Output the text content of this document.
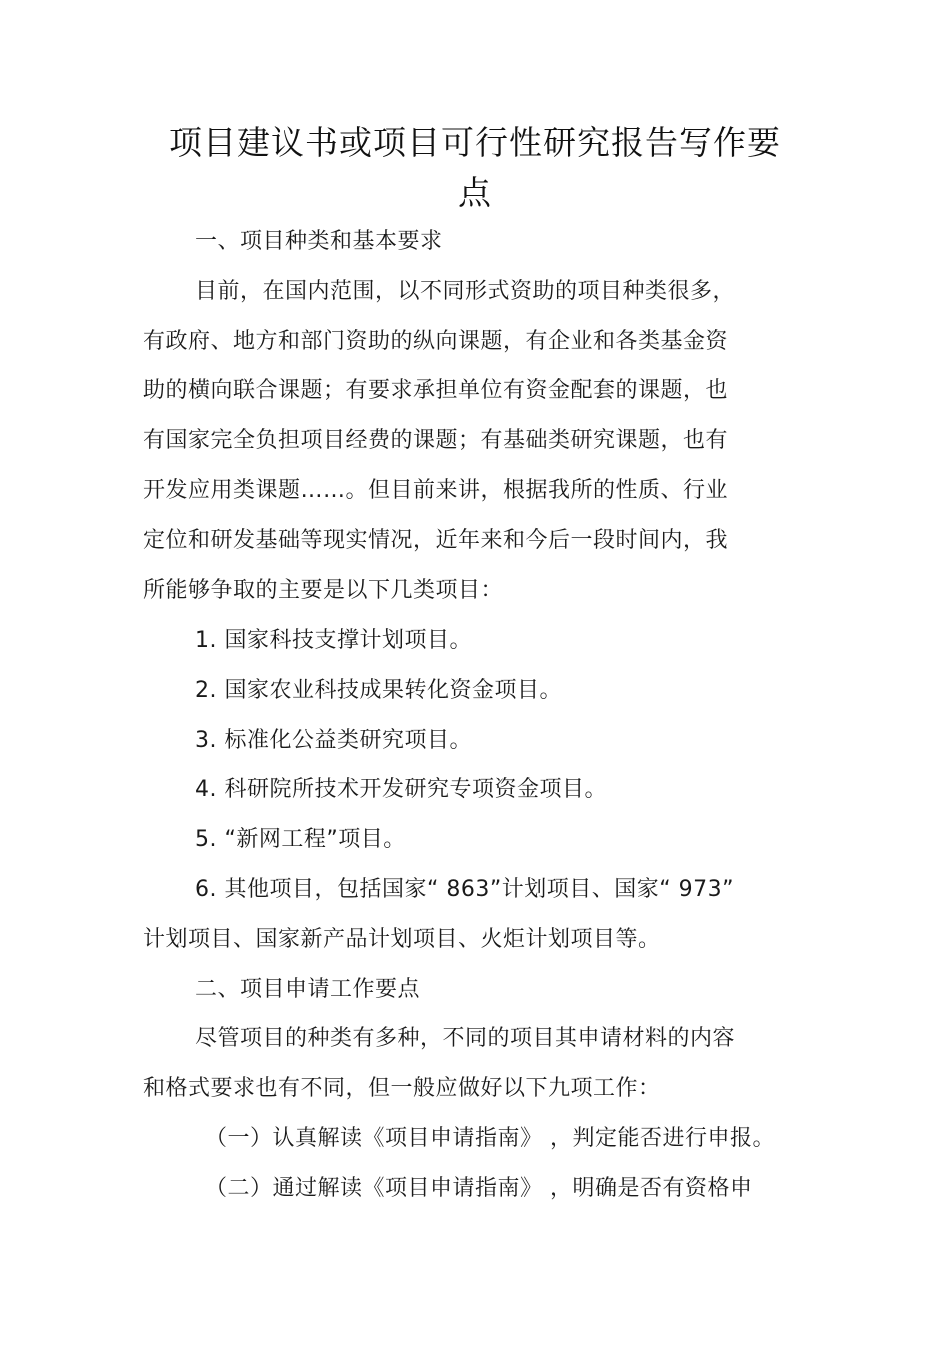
项目建议书或项目可行性研究报告写作要
点
一、项目种类和基本要求
目前，在国内范围，以不同形式资助的项目种类很多，
有政府、地方和部门资助的纵向课题，有企业和各类基金资
助的横向联合课题；有要求承担单位有资金配套的课题，也
有国家完全负担项目经费的课题；有基础类研究课题，也有
开发应用类课题……。但目前来讲，根据我所的性质、行业
定位和研发基础等现实情况，近年来和今后一段时间内，我
所能够争取的主要是以下几类项目：
1. 国家科技支撑计划项目。
2. 国家农业科技成果转化资金项目。
3. 标准化公益类研究项目。
4. 科研院所技术开发研究专项资金项目。
5. “新网工程”项目。
6. 其他项目，包括国家“ 863”计划项目、国家“ 973”
计划项目、国家新产品计划项目、火炬计划项目等。
二、项目申请工作要点
尽管项目的种类有多种，不同的项目其申请材料的内容
和格式要求也有不同，但一般应做好以下九项工作：
（一）认真解读《项目申请指南》 ，判定能否进行申报。
（二）通过解读《项目申请指南》 ，明确是否有资格申
